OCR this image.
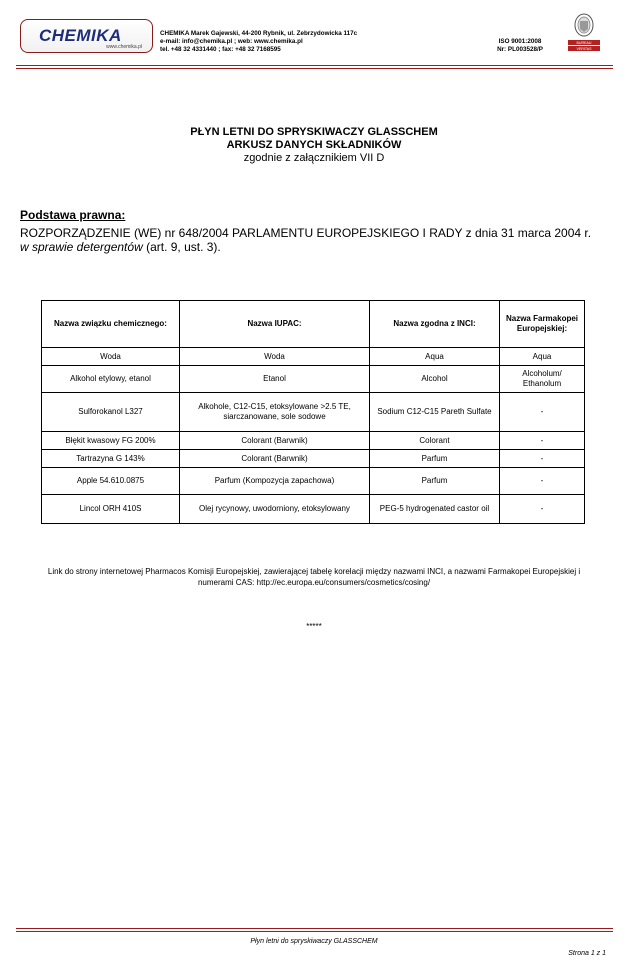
CHEMIKA
www.chemika.pl
CHEMIKA Marek Gajewski, 44-200 Rybnik, ul. Zebrzydowicka 117c
e-mail: info@chemika.pl ; web: www.chemika.pl
tel. +48 32 4331440 ; fax: +48 32 7168595
ISO 9001:2008
Nr: PL003528/P
BUREAU
VERITAS
PŁYN LETNI DO SPRYSKIWACZY GLASSCHEM
ARKUSZ DANYCH SKŁADNIKÓW
zgodnie z załącznikiem VII D
Podstawa prawna:
ROZPORZĄDZENIE (WE) nr 648/2004 PARLAMENTU EUROPEJSKIEGO I RADY z dnia 31 marca 2004 r.
w sprawie detergentów (art. 9, ust. 3).
Nazwa związku chemicznego:	Nazwa IUPAC:	Nazwa zgodna z INCI:	Nazwa Farmakopei Europejskiej:
Woda	Woda	Aqua	Aqua
Alkohol etylowy, etanol	Etanol	Alcohol	Alcoholum/ Ethanolum
Sulforokanol L327	Alkohole, C12-C15, etoksylowane >2.5 TE, siarczanowane, sole sodowe	Sodium C12-C15 Pareth Sulfate	-
Błękit kwasowy FG 200%	Colorant (Barwnik)	Colorant	-
Tartrazyna G 143%	Colorant (Barwnik)	Parfum	-
Apple 54.610.0875	Parfum (Kompozycja zapachowa)	Parfum	-
Lincol ORH 410S	Olej rycynowy, uwodorniony, etoksylowany	PEG-5 hydrogenated castor oil	-
Link do strony internetowej Pharmacos Komisji Europejskiej, zawierającej tabelę korelacji między nazwami INCI, a nazwami Farmakopei Europejskiej i numerami CAS: http://ec.europa.eu/consumers/cosmetics/cosing/
*****
Płyn letni do spryskiwaczy GLASSCHEM
Strona 1 z 1
